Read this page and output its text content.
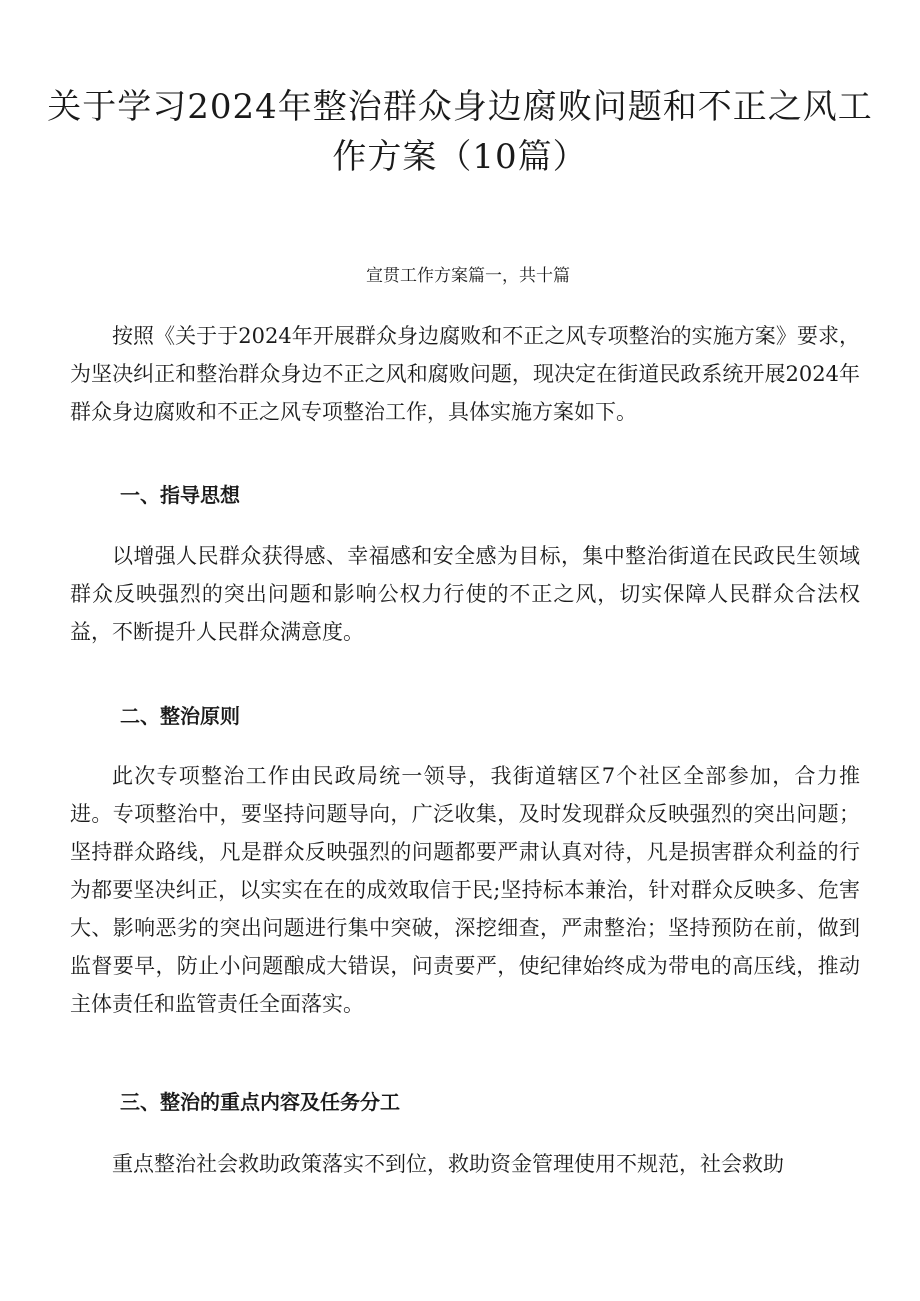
关于学习2024年整治群众身边腐败问题和不正之风工作方案（10篇）

宣贯工作方案篇一，共十篇

按照《关于于2024年开展群众身边腐败和不正之风专项整治的实施方案》要求，为坚决纠正和整治群众身边不正之风和腐败问题，现决定在街道民政系统开展2024年群众身边腐败和不正之风专项整治工作，具体实施方案如下。

一、指导思想

以增强人民群众获得感、幸福感和安全感为目标，集中整治街道在民政民生领域群众反映强烈的突出问题和影响公权力行使的不正之风，切实保障人民群众合法权益，不断提升人民群众满意度。

二、整治原则

此次专项整治工作由民政局统一领导，我街道辖区7个社区全部参加，合力推进。专项整治中，要坚持问题导向，广泛收集，及时发现群众反映强烈的突出问题；坚持群众路线，凡是群众反映强烈的问题都要严肃认真对待，凡是损害群众利益的行为都要坚决纠正，以实实在在的成效取信于民;坚持标本兼治，针对群众反映多、危害大、影响恶劣的突出问题进行集中突破，深挖细查，严肃整治；坚持预防在前，做到监督要早，防止小问题酿成大错误，问责要严，使纪律始终成为带电的高压线，推动主体责任和监管责任全面落实。

三、整治的重点内容及任务分工

重点整治社会救助政策落实不到位，救助资金管理使用不规范，社会救助
